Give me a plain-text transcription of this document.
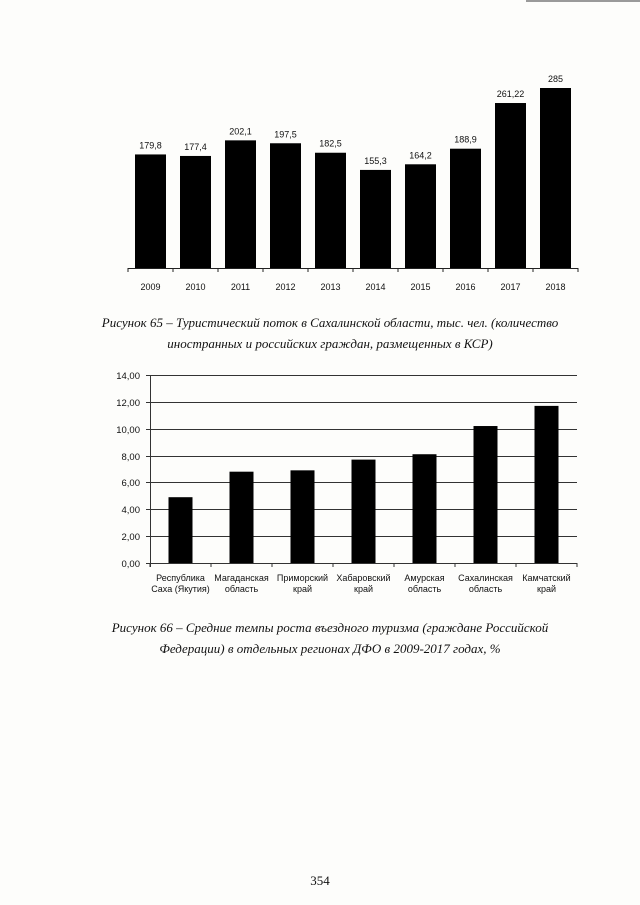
179,8
2009
177,4
2010
202,1
2011
197,5
2012
182,5
2013
155,3
2014
164,2
2015
188,9
2016
261,22
2017
285
2018
0,00
2,00
4,00
6,00
8,00
10,00
12,00
14,00
Республика Саха (Якутия)
Магаданская область
Приморский край
Хабаровский край
Амурская область
Сахалинская область
Камчатский край
Рисунок 65 – Туристический поток в Сахалинской области, тыс. чел. (количество
иностранных и российских граждан, размещенных в КСР)
Рисунок 66 – Средние темпы роста въездного туризма (граждане Российской
Федерации) в отдельных регионах ДФО в 2009-2017 годах, %
354
